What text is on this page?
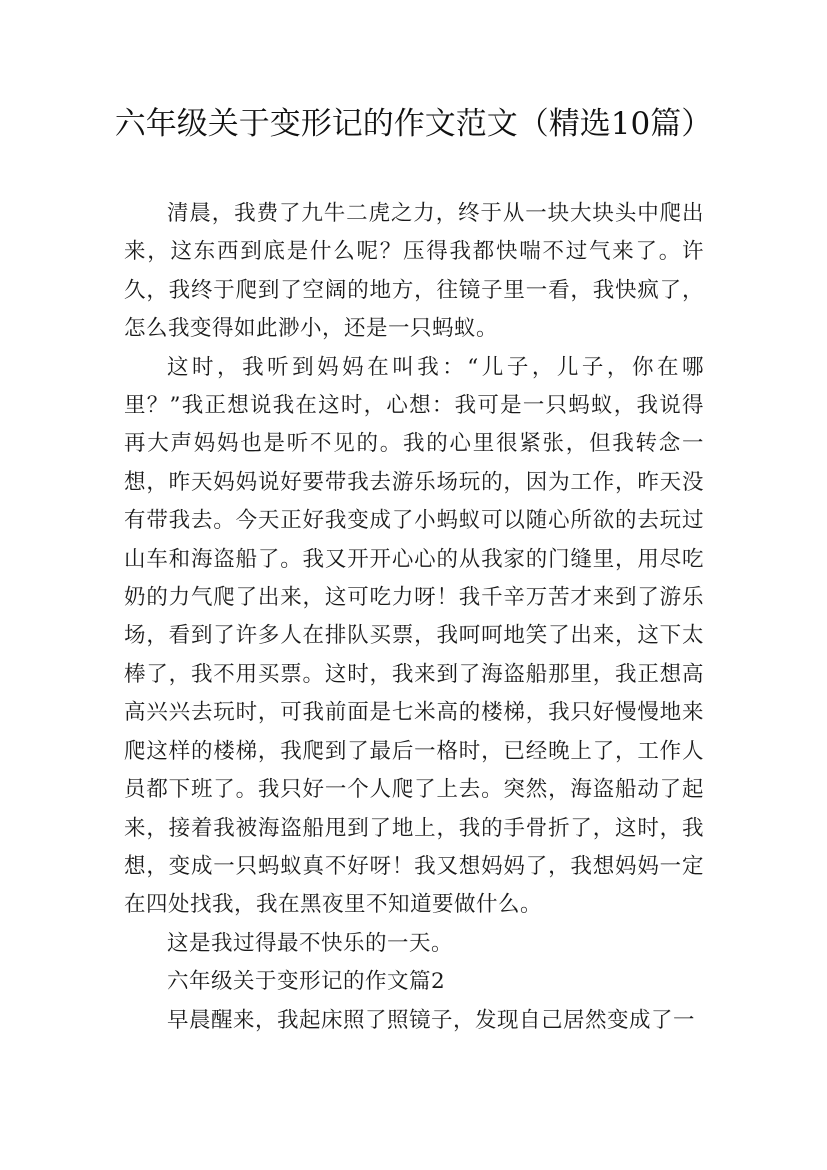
六年级关于变形记的作文范文（精选10篇）

清晨，我费了九牛二虎之力，终于从一块大块头中爬出来，这东西到底是什么呢？压得我都快喘不过气来了。许久，我终于爬到了空阔的地方，往镜子里一看，我快疯了，怎么我变得如此渺小，还是一只蚂蚁。

这时，我听到妈妈在叫我：“儿子，儿子，你在哪里？”我正想说我在这时，心想：我可是一只蚂蚁，我说得再大声妈妈也是听不见的。我的心里很紧张，但我转念一想，昨天妈妈说好要带我去游乐场玩的，因为工作，昨天没有带我去。今天正好我变成了小蚂蚁可以随心所欲的去玩过山车和海盗船了。我又开开心心的从我家的门缝里，用尽吃奶的力气爬了出来，这可吃力呀！我千辛万苦才来到了游乐场，看到了许多人在排队买票，我呵呵地笑了出来，这下太棒了，我不用买票。这时，我来到了海盗船那里，我正想高高兴兴去玩时，可我前面是七米高的楼梯，我只好慢慢地来爬这样的楼梯，我爬到了最后一格时，已经晚上了，工作人员都下班了。我只好一个人爬了上去。突然，海盗船动了起来，接着我被海盗船甩到了地上，我的手骨折了，这时，我想，变成一只蚂蚁真不好呀！我又想妈妈了，我想妈妈一定在四处找我，我在黑夜里不知道要做什么。

这是我过得最不快乐的一天。

六年级关于变形记的作文篇2

早晨醒来，我起床照了照镜子，发现自己居然变成了一
